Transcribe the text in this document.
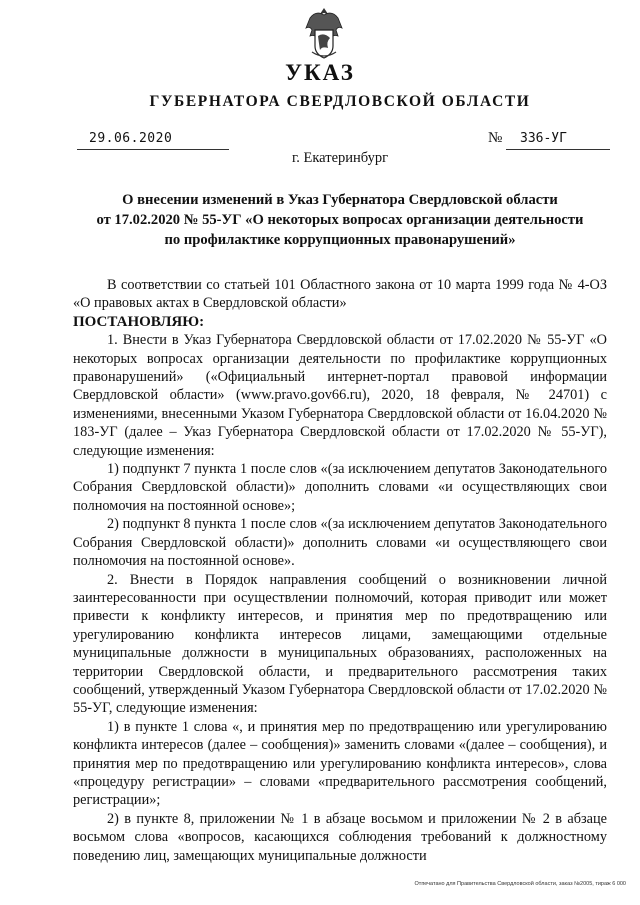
УКАЗ
ГУБЕРНАТОРА СВЕРДЛОВСКОЙ ОБЛАСТИ
29.06.2020	№	336-УГ
г. Екатеринбург
О внесении изменений в Указ Губернатора Свердловской области
от 17.02.2020 № 55-УГ «О некоторых вопросах организации деятельности
по профилактике коррупционных правонарушений»

В соответствии со статьей 101 Областного закона от 10 марта 1999 года № 4-ОЗ «О правовых актах в Свердловской области»

ПОСТАНОВЛЯЮ:

1. Внести в Указ Губернатора Свердловской области от 17.02.2020 № 55-УГ «О некоторых вопросах организации деятельности по профилактике коррупционных правонарушений» («Официальный интернет-портал правовой информации Свердловской области» (www.pravo.gov66.ru), 2020, 18 февраля, № 24701) с изменениями, внесенными Указом Губернатора Свердловской области от 16.04.2020 № 183-УГ (далее – Указ Губернатора Свердловской области от 17.02.2020 № 55-УГ), следующие изменения:

1) подпункт 7 пункта 1 после слов «(за исключением депутатов Законодательного Собрания Свердловской области)» дополнить словами «и осуществляющих свои полномочия на постоянной основе»;

2) подпункт 8 пункта 1 после слов «(за исключением депутатов Законодательного Собрания Свердловской области)» дополнить словами «и осуществляющего свои полномочия на постоянной основе».

2. Внести в Порядок направления сообщений о возникновении личной заинтересованности при осуществлении полномочий, которая приводит или может привести к конфликту интересов, и принятия мер по предотвращению или урегулированию конфликта интересов лицами, замещающими отдельные муниципальные должности в муниципальных образованиях, расположенных на территории Свердловской области, и предварительного рассмотрения таких сообщений, утвержденный Указом Губернатора Свердловской области от 17.02.2020 № 55-УГ, следующие изменения:

1) в пункте 1 слова «, и принятия мер по предотвращению или урегулированию конфликта интересов (далее – сообщения)» заменить словами «(далее – сообщения), и принятия мер по предотвращению или урегулированию конфликта интересов», слова «процедуру регистрации» – словами «предварительного рассмотрения сообщений, регистрации»;

2) в пункте 8, приложении № 1 в абзаце восьмом и приложении № 2 в абзаце восьмом слова «вопросов, касающихся соблюдения требований к должностному поведению лиц, замещающих муниципальные должности

Отпечатано для Правительства Свердловской области, заказ №2005, тираж 6 000
